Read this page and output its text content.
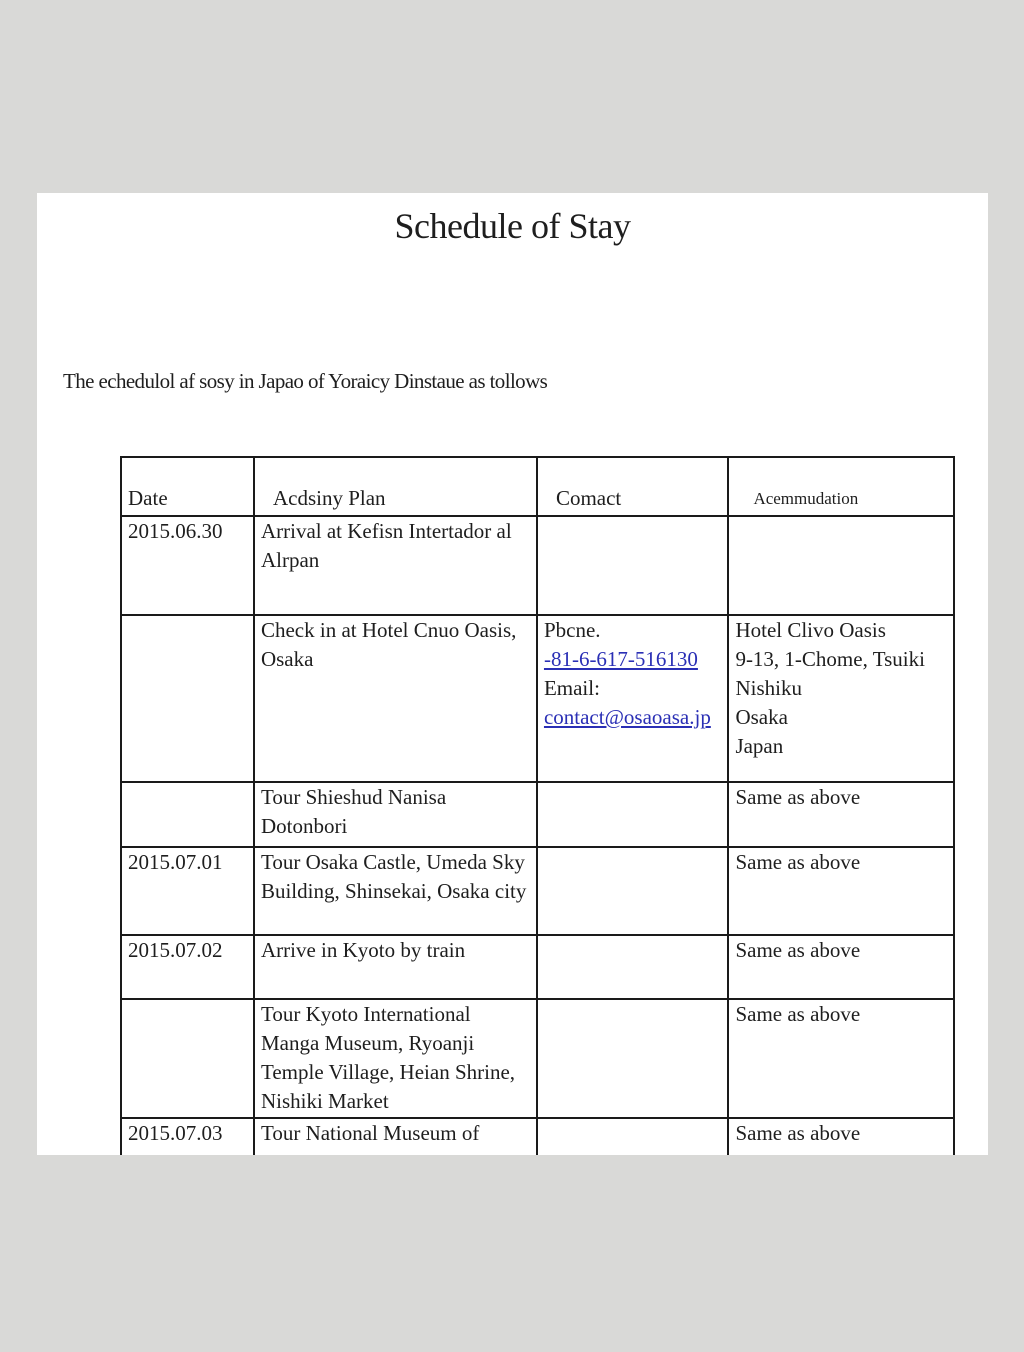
Schedule of Stay
The echedulol af sosy in Japao of Yoraicy Dinstaue as tollows
Date	Acdsiny Plan	Comact	Acemmudation
2015.06.30	Arrival at Kefisn Intertador al Alrpan		
	Check in at Hotel Cnuo Oasis, Osaka	Pbcne.
-81-6-617-516130
Email:
contact@osaoasa.jp	Hotel Clivo Oasis
9-13, 1-Chome, Tsuiki
Nishiku
Osaka
Japan

	Tour Shieshud Nanisa Dotonbori		Same as above
2015.07.01	Tour Osaka Castle, Umeda Sky Building, Shinsekai, Osaka city		Same as above
2015.07.02	Arrive in Kyoto by train		Same as above
	Tour Kyoto International Manga Museum, Ryoanji Temple Village, Heian Shrine, Nishiki Market		Same as above
2015.07.03	Tour National Museum of		Same as above
